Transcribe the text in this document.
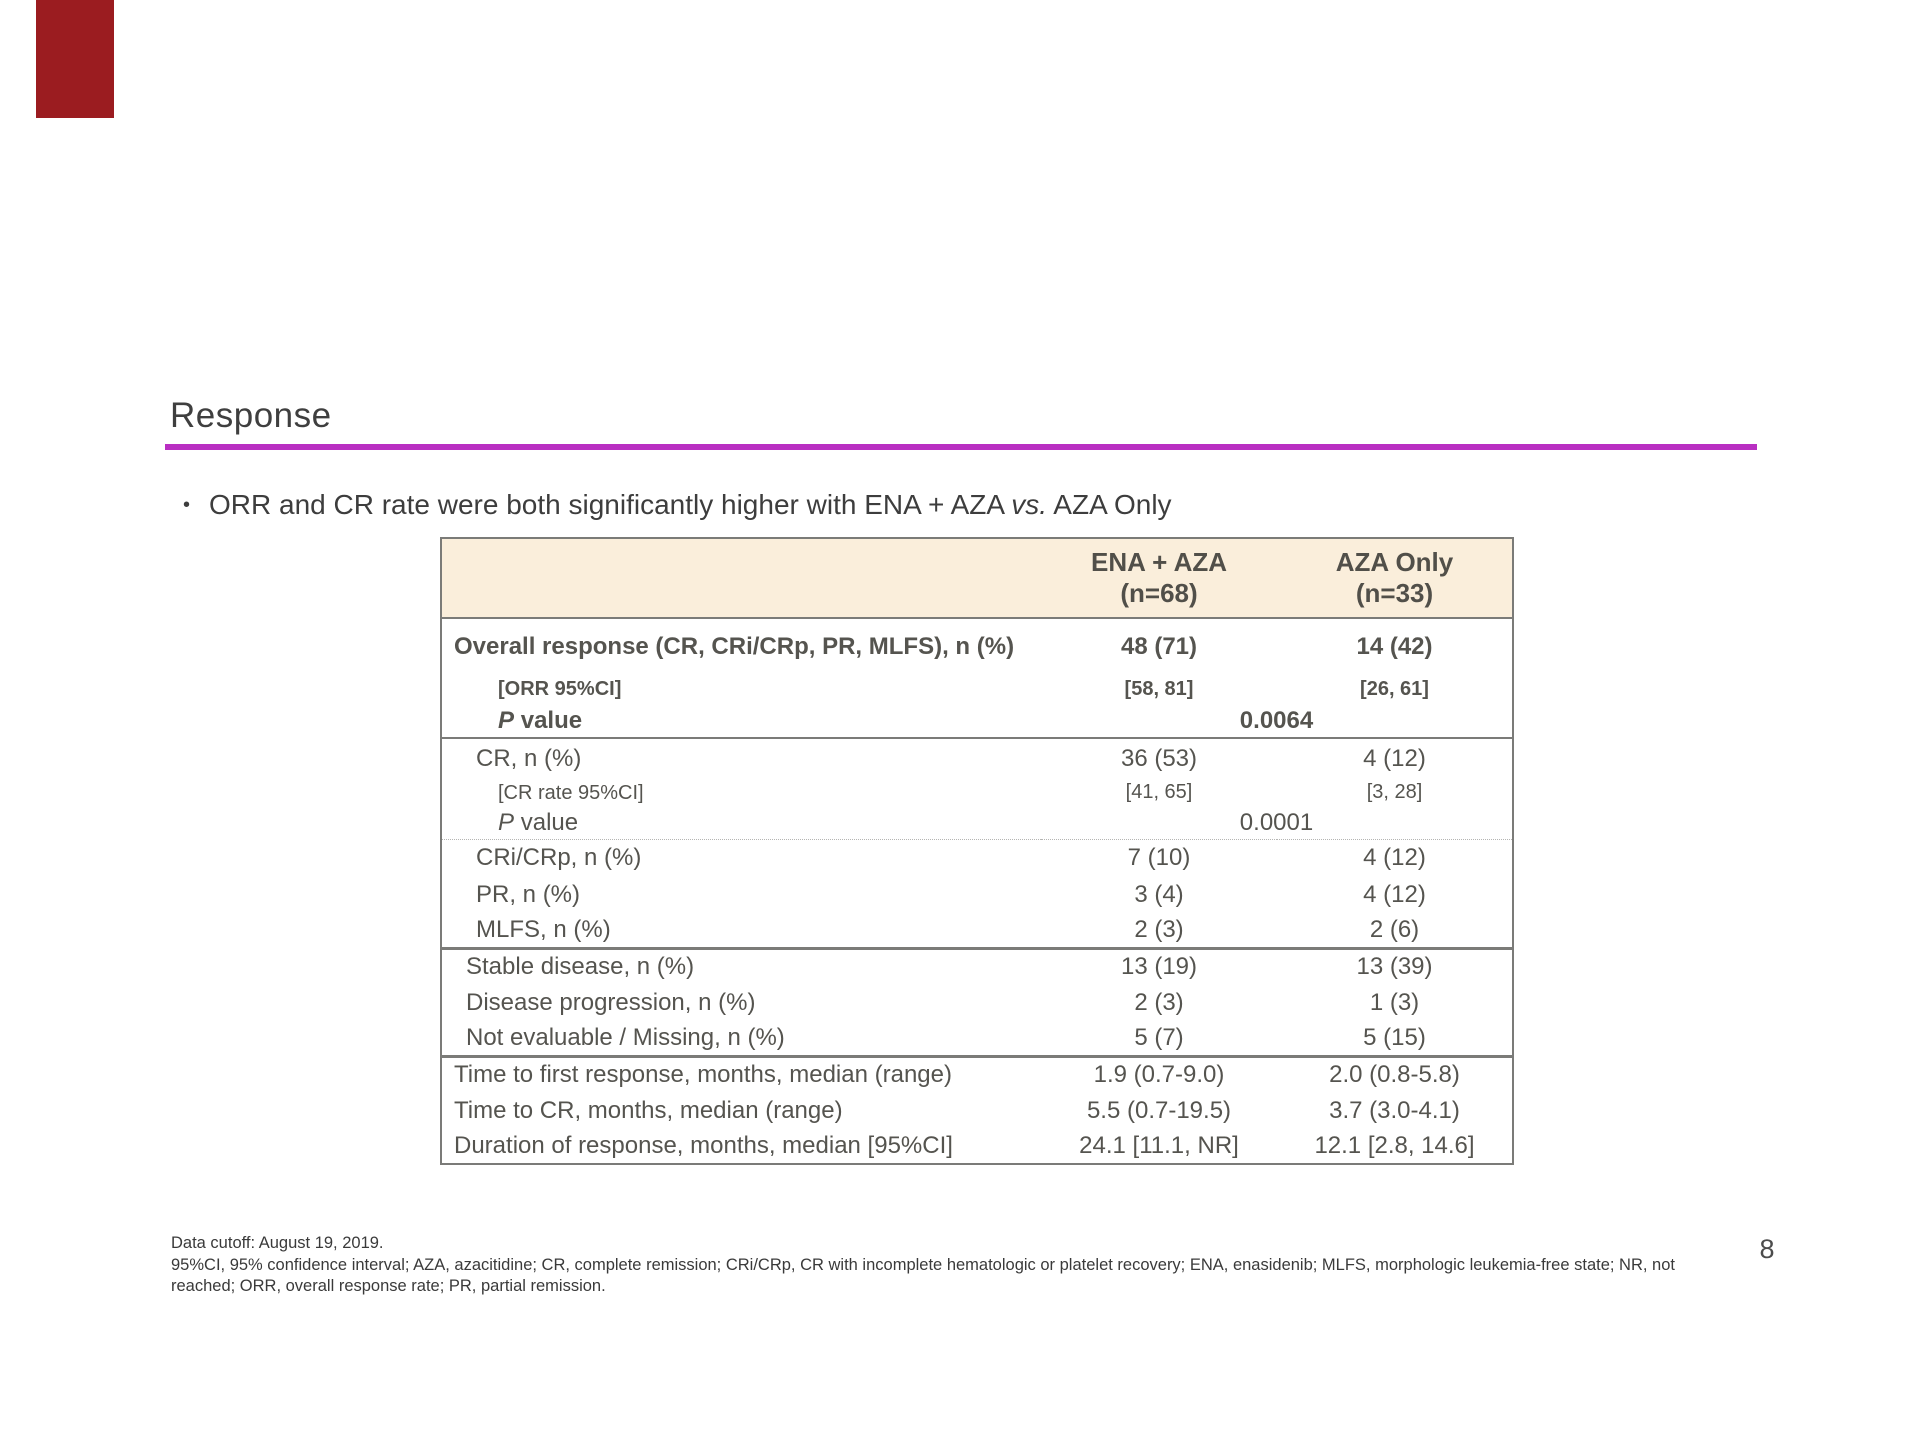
Response
• ORR and CR rate were both significantly higher with ENA + AZA vs. AZA Only

ENA + AZA
(n=68)

AZA Only
(n=33)

Overall response (CR, CRi/CRp, PR, MLFS), n (%)	48 (71)	14 (42)
[ORR 95%CI]	[58, 81]	[26, 61]
P value	0.0064	
CR, n (%)	36 (53)	4 (12)
[CR rate 95%CI]	[41, 65]	[3, 28]
P value	0.0001	
CRi/CRp, n (%)	7 (10)	4 (12)
PR, n (%)	3 (4)	4 (12)
MLFS, n (%)	2 (3)	2 (6)
Stable disease, n (%)	13 (19)	13 (39)
Disease progression, n (%)	2 (3)	1 (3)
Not evaluable / Missing, n (%)	5 (7)	5 (15)
Time to first response, months, median (range)	1.9 (0.7-9.0)	2.0 (0.8-5.8)
Time to CR, months, median (range)	5.5 (0.7-19.5)	3.7 (3.0-4.1)
Duration of response, months, median [95%CI]	24.1 [11.1, NR]	12.1 [2.8, 14.6]
Data cutoff: August 19, 2019.
95%CI, 95% confidence interval; AZA, azacitidine; CR, complete remission; CRi/CRp, CR with incomplete hematologic or platelet recovery; ENA, enasidenib; MLFS, morphologic leukemia-free state; NR, not
reached; ORR, overall response rate; PR, partial remission.
8
